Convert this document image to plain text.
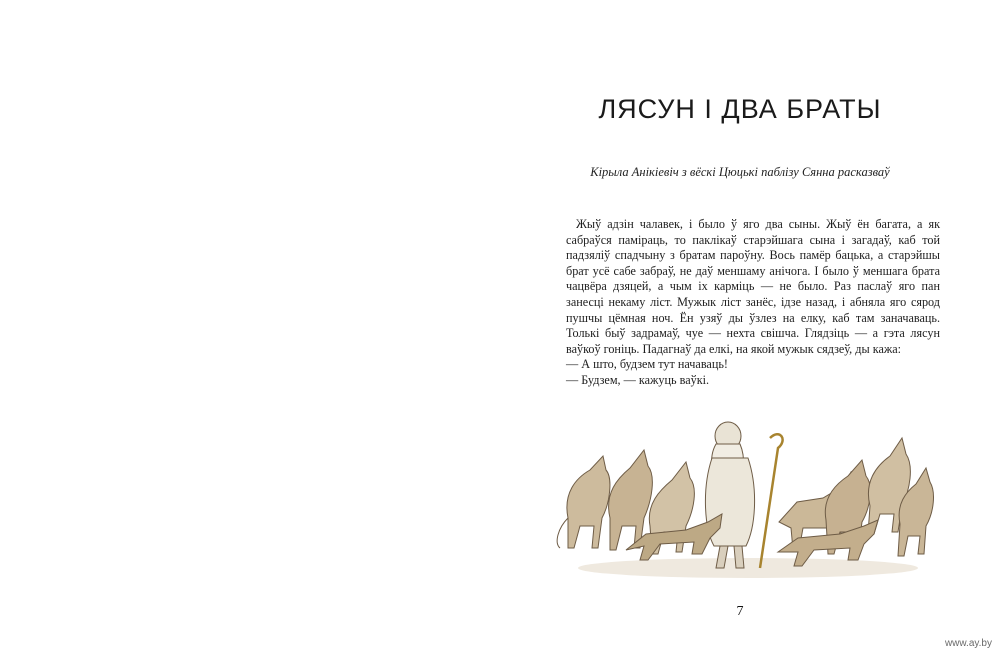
ЛЯСУН І ДВА БРАТЫ
Кірыла Анікіевіч з вёскі Цюцькі паблізу Сянна расказваў

Жыў адзін чалавек, і было ў яго два сыны. Жыў ён багата, а як сабраўся паміраць, то паклікаў старэйшага сына і загадаў, каб той падзяліў спадчыну з братам пароўну. Вось памёр бацька, а старэйшы брат усё сабе забраў, не даў меншаму анічога. І было ў меншага брата чацвёра дзяцей, а чым іх карміць — не было. Раз паслаў яго пан занесці некаму ліст. Мужык ліст занёс, ідзе назад, і абняла яго сярод пушчы цёмная ноч. Ён узяў ды ўзлез на елку, каб там заначаваць. Толькі быў задрамаў, чуе — нехта свішча. Глядзіць — а гэта лясун ваўкоў гоніць. Падагнаў да елкі, на якой мужык сядзеў, ды кажа:

— А што, будзем тут начаваць!

— Будзем, — кажуць ваўкі.

7
www.ay.by
